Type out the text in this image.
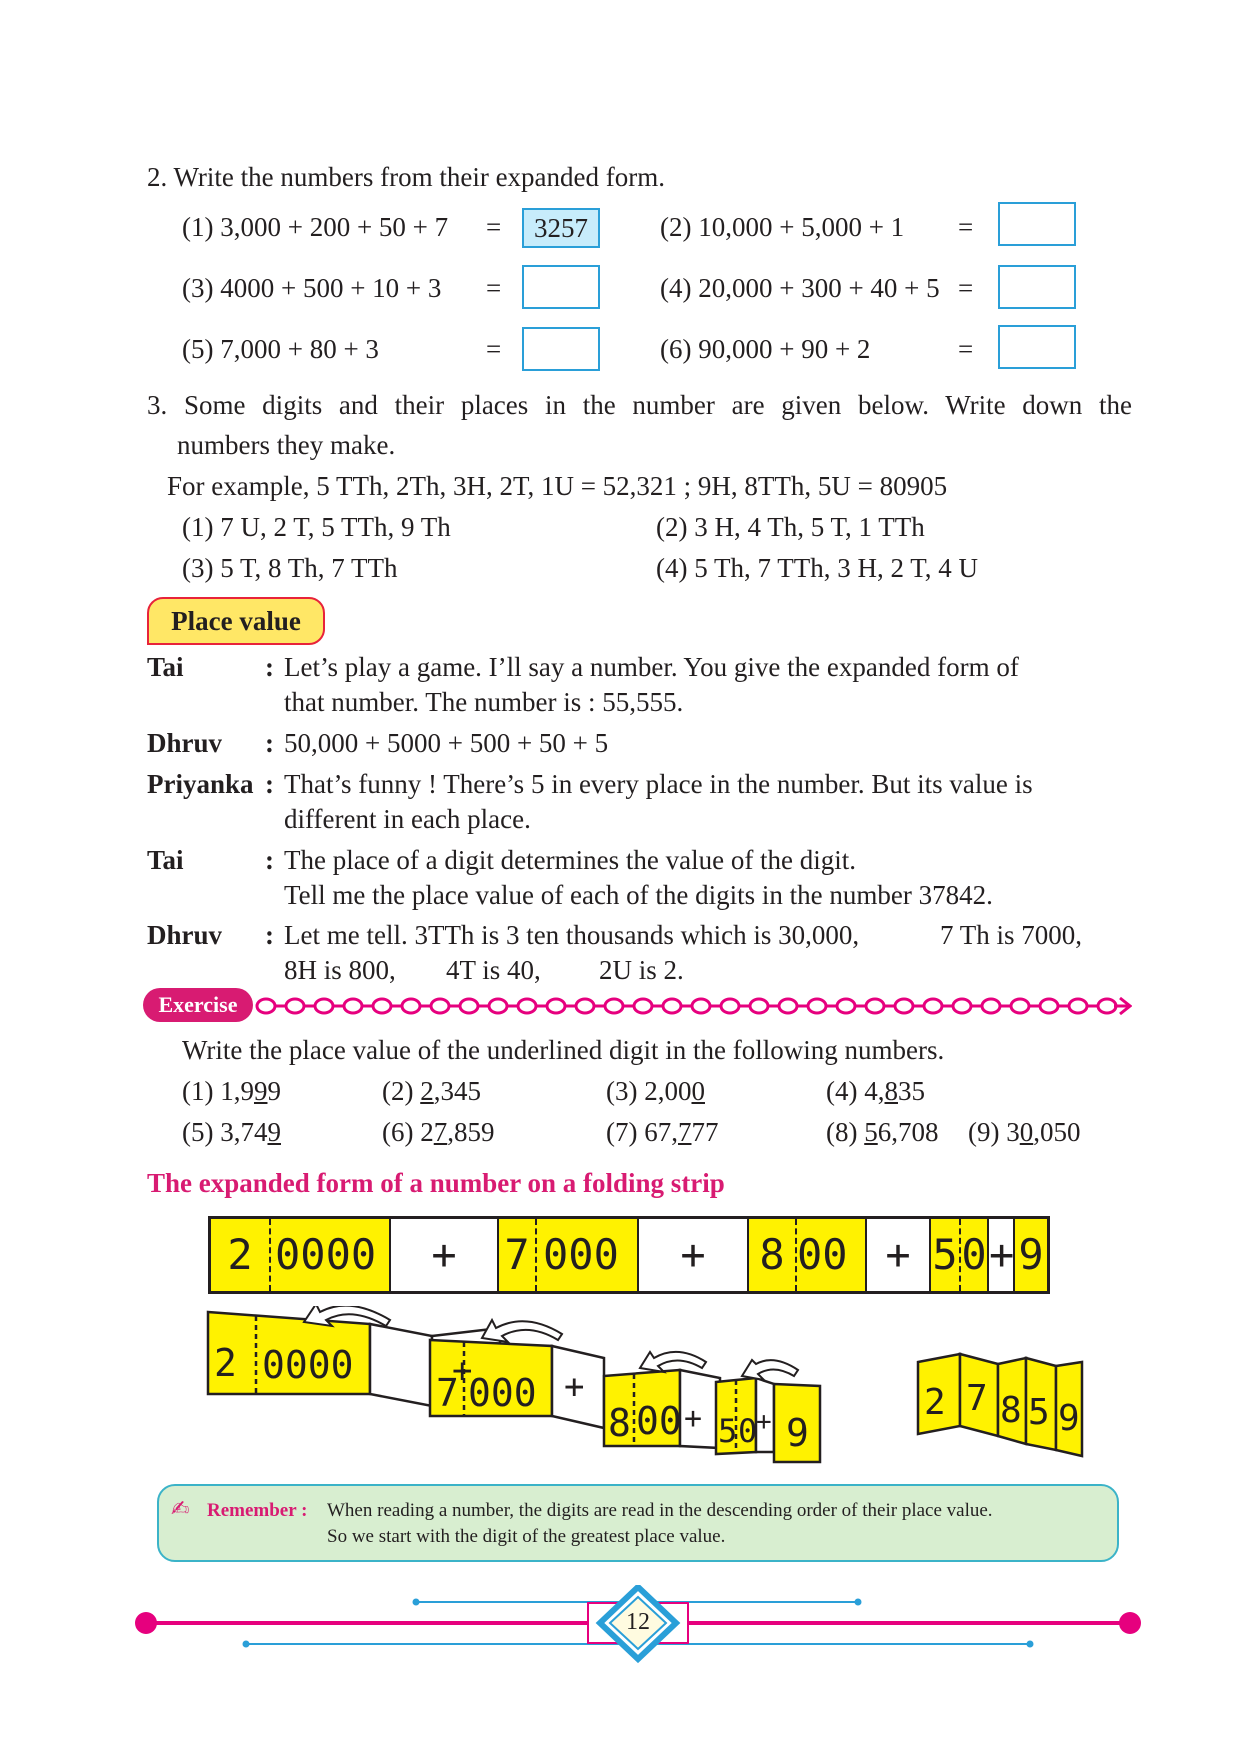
2. Write the numbers from their expanded form.
(1) 3,000 + 200 + 50 + 7 =	3257	(2) 10,000 + 5,000 + 1 =
(3) 4000 + 500 + 10 + 3 =	(4) 20,000 + 300 + 40 + 5 =
(5) 7,000 + 80 + 3	=	(6) 90,000 + 90 + 2	=
3. Some digits and their places in the number are given below. Write down the
numbers they make.
For example, 5 TTh, 2Th, 3H, 2T, 1U = 52,321 ; 9H, 8TTh, 5U = 80905
(1) 7 U, 2 T, 5 TTh, 9 Th	(2) 3 H, 4 Th, 5 T, 1 TTh
(3) 5 T, 8 Th, 7 TTh	(4) 5 Th, 7 TTh, 3 H, 2 T, 4 U
Place value
Tai	: Let’s play a game. I’ll say a number. You give the expanded form of
that number. The number is : 55,555.
Dhruv : 50,000 + 5000 + 500 + 50 + 5
Priyanka : That’s funny ! There’s 5 in every place in the number. But its value is
different in each place.
Tai	: The place of a digit determines the value of the digit.
Tell me the place value of each of the digits in the number 37842.
Dhruv : Let me tell. 3TTh is 3 ten thousands which is 30,000,	7 Th is 7000,
8H is 800, 4T is 40, 2U is 2.
Exercise
Write the place value of the underlined digit in the following numbers.
(1) 1,999	(2) 2,345	(3) 2,000	(4) 4,835
(5) 3,749	(6) 27,859	(7) 67,777	(8) 56,708 (9) 30,050
The expanded form of a number on a folding strip
2 0000	+	7 000	+	8 00 + 5 0 + 9
2 0000	+
7 000 +
8 00 + 5 0
+ 9
2 7 8 5 9
✍ Remember : When reading a number, the digits are read in the descending order of their place value.
So we start with the digit of the greatest place value.
12
